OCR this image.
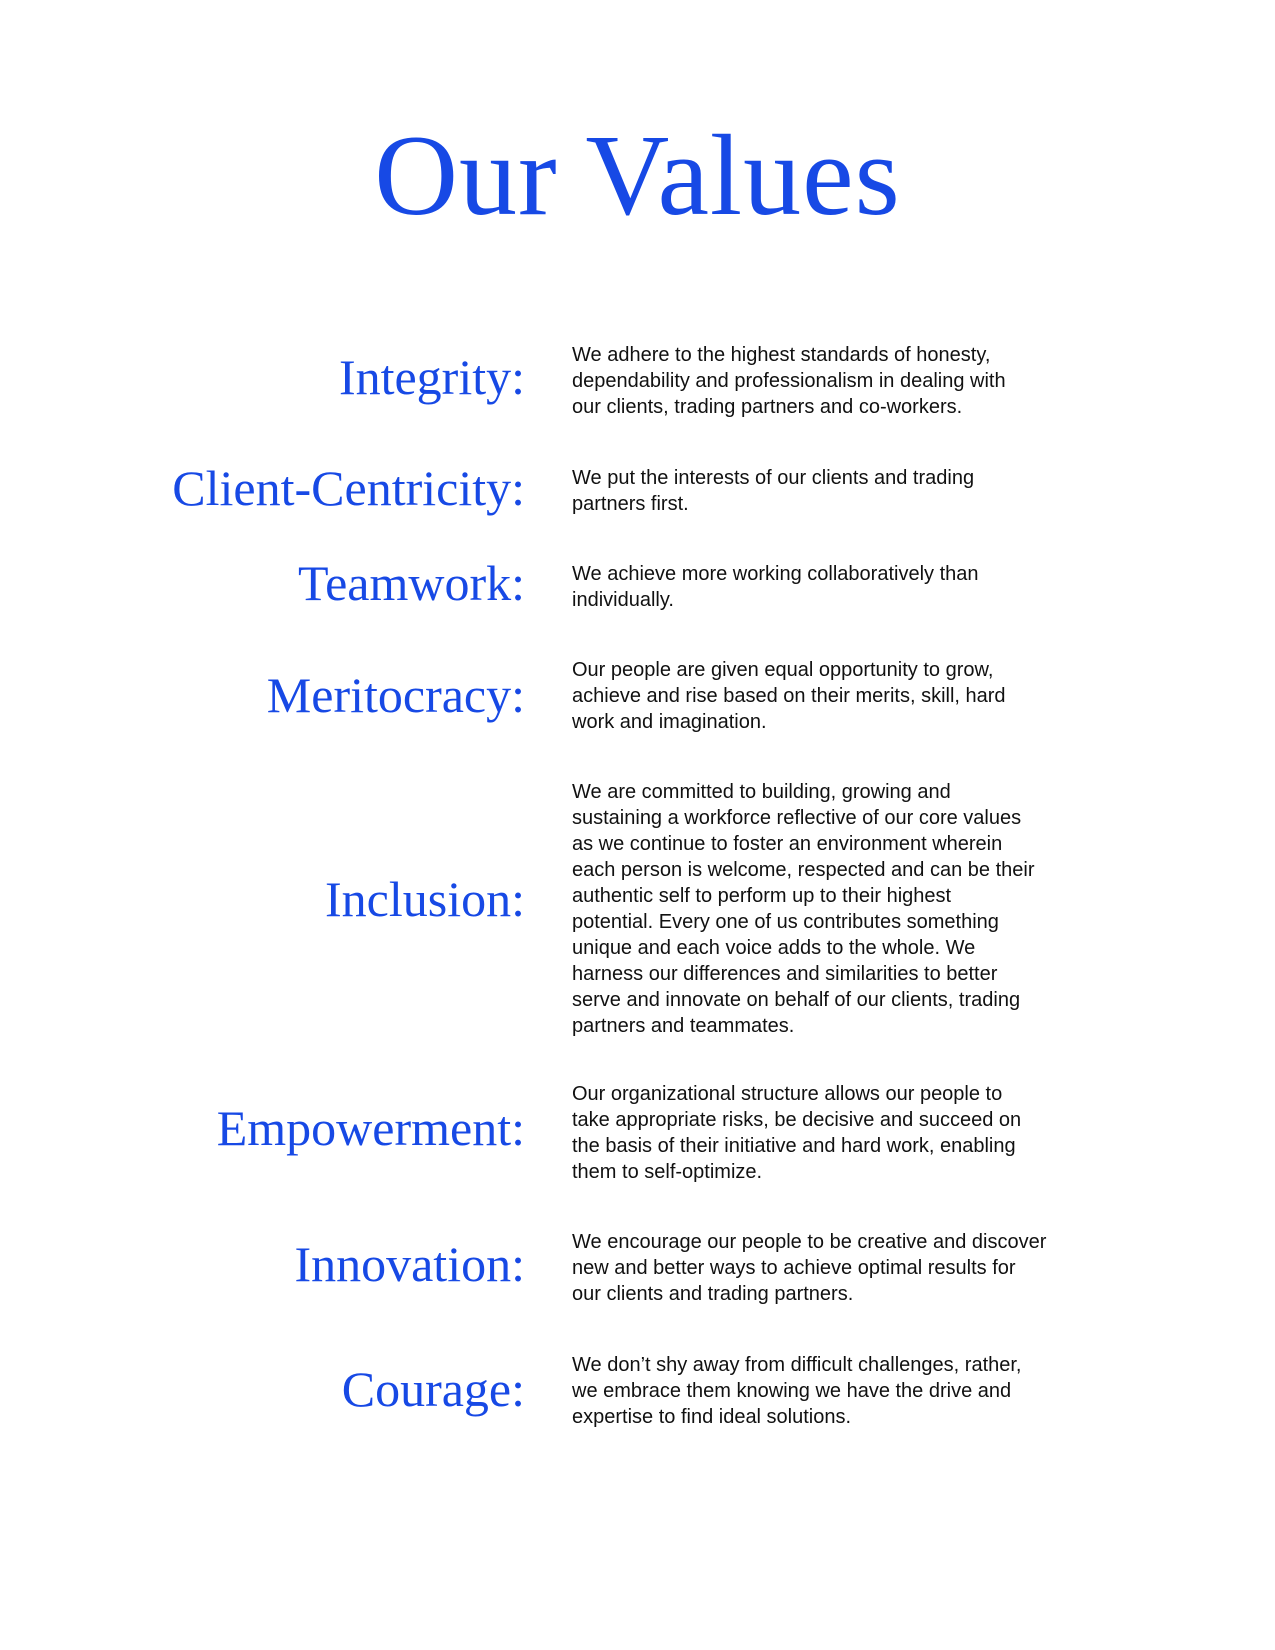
Our Values
Integrity: We adhere to the highest standards of honesty,
dependability and professionalism in dealing with
our clients, trading partners and co-workers.
Client-Centricity: We put the interests of our clients and trading
partners first.
Teamwork: We achieve more working collaboratively than
individually.
Meritocracy: Our people are given equal opportunity to grow,
achieve and rise based on their merits, skill, hard
work and imagination.
Inclusion:
We are committed to building, growing and
sustaining a workforce reflective of our core values
as we continue to foster an environment wherein
each person is welcome, respected and can be their
authentic self to perform up to their highest
potential. Every one of us contributes something
unique and each voice adds to the whole. We
harness our differences and similarities to better
serve and innovate on behalf of our clients, trading
partners and teammates.
Empowerment:
Our organizational structure allows our people to
take appropriate risks, be decisive and succeed on
the basis of their initiative and hard work, enabling
them to self-optimize.
Innovation: We encourage our people to be creative and discover
new and better ways to achieve optimal results for
our clients and trading partners.
Courage: We don’t shy away from difficult challenges, rather,
we embrace them knowing we have the drive and
expertise to find ideal solutions.
